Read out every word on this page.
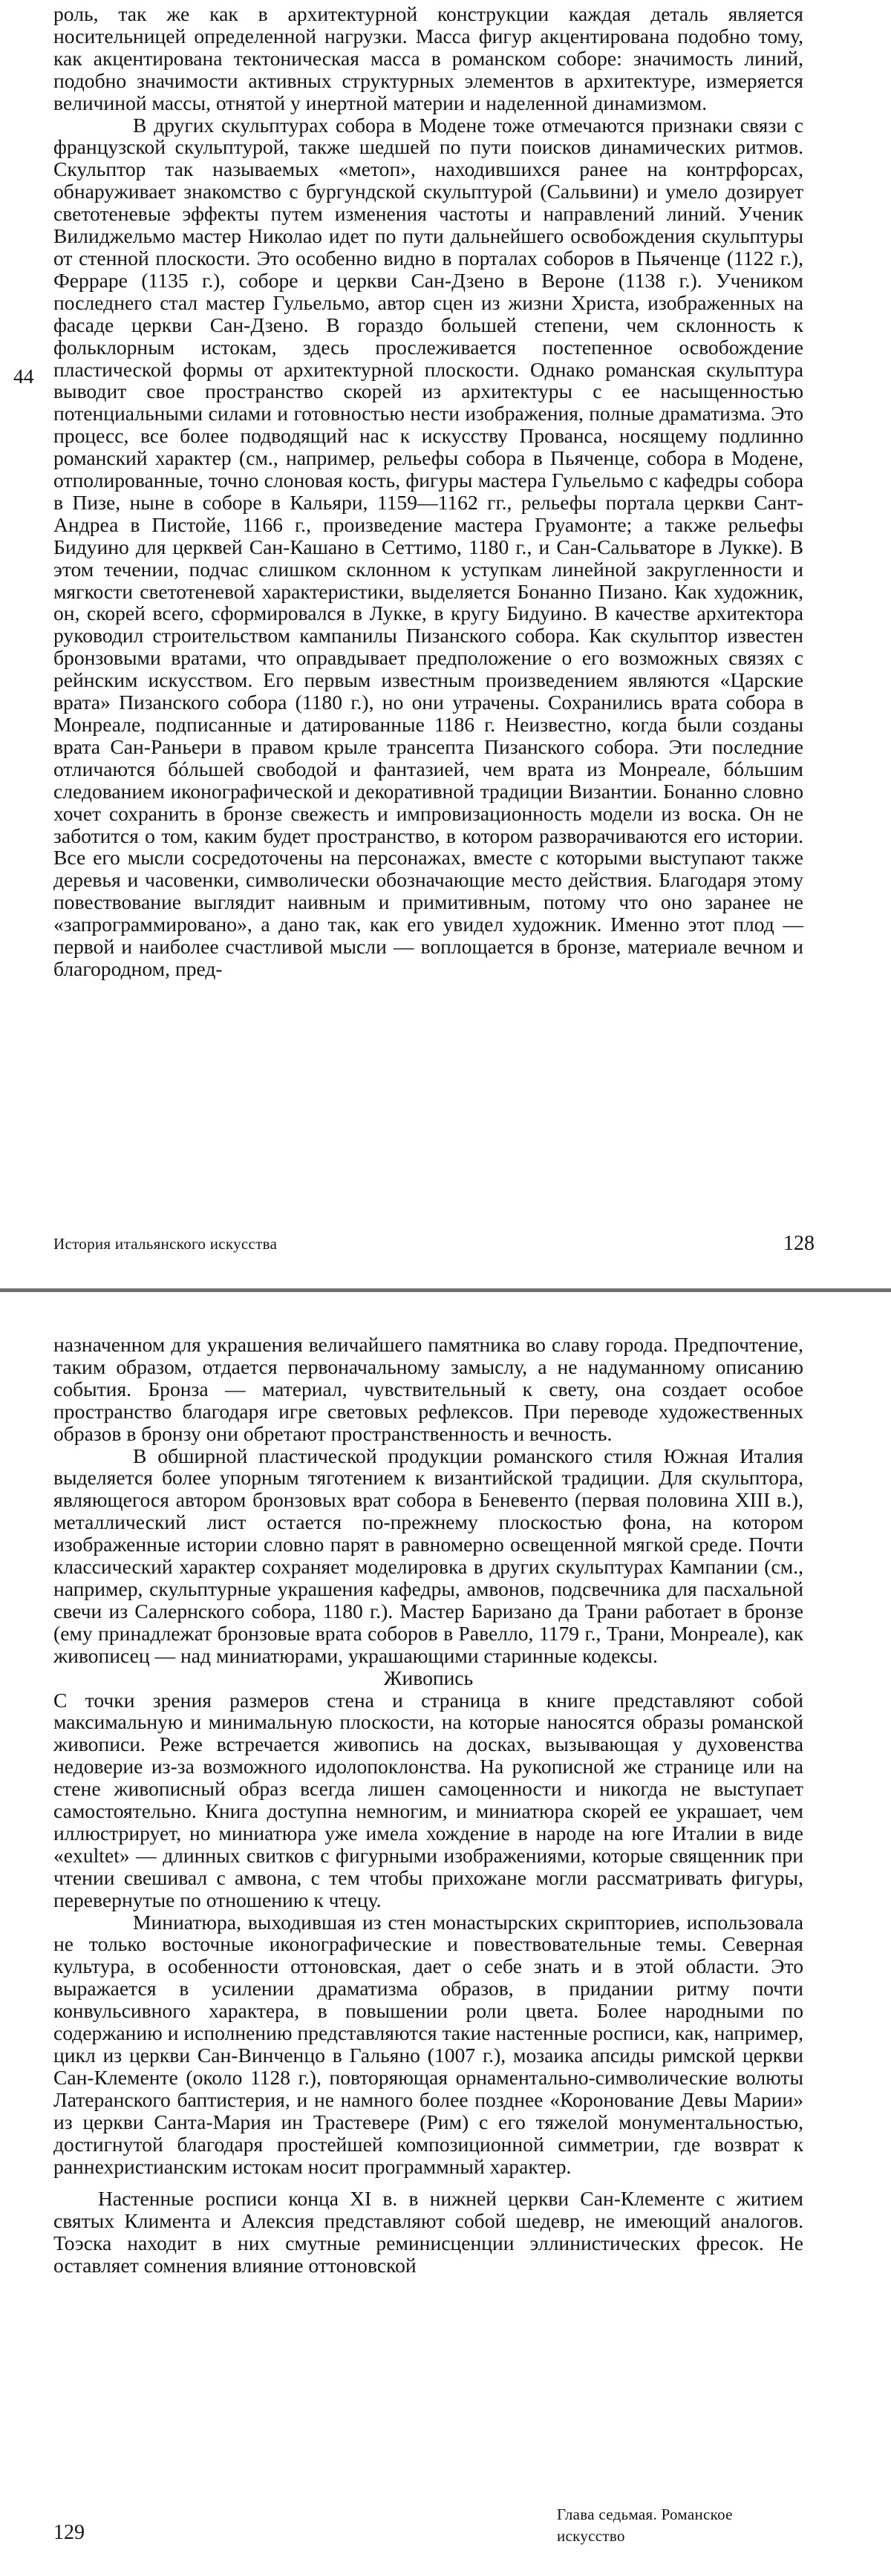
роль, так же как в архитектурной конструкции каждая деталь является носительницей определенной нагрузки. Масса фигур акцентирована подобно тому, как акцентирована тектоническая масса в романском соборе: значимость линий, подобно значимости активных структурных элементов в архитектуре, измеряется величиной массы, отнятой у инертной материи и наделенной динамизмом.

В других скульптурах собора в Модене тоже отмечаются признаки связи с французской скульптурой, также шедшей по пути поисков динамических ритмов. Скульптор так называемых «метоп», находившихся ранее на контрфорсах, обнаруживает знакомство с бургундской скульптурой (Сальвини) и умело дозирует светотеневые эффекты путем изменения частоты и направлений линий. Ученик Вилиджельмо мастер Николао идет по пути дальнейшего освобождения скульптуры от стенной плоскости. Это особенно видно в порталах соборов в Пьяченце (1122 г.), Ферраре (1135 г.), соборе и церкви Сан-Дзено в Вероне (1138 г.). Учеником последнего стал мастер Гульельмо, автор сцен из жизни Христа, изображенных на фасаде церкви Сан-Дзено. В гораздо большей степени, чем склонность к фольклорным истокам, здесь прослеживается постепенное освобождение пластической формы от архитектурной плоскости. Однако романская скульптура выводит свое пространство скорей из архитектуры с ее насыщенностью потенциальными силами и готовностью нести изображения, полные драматизма. Это процесс, все более подводящий нас к искусству Прованса, носящему подлинно романский характер (см., например, рельефы собора в Пьяченце, собора в Модене, отполированные, точно слоновая кость, фигуры мастера Гульельмо с кафедры собора в Пизе, ныне в соборе в Кальяри, 1159—1162 гг., рельефы портала церкви Сант-Андреа в Пистойе, 1166 г., произведение мастера Груамонте; а также рельефы Бидуино для церквей Сан-Кашано в Сеттимо, 1180 г., и Сан-Сальваторе в Лукке). В этом течении, подчас слишком склонном к уступкам линейной закругленности и мягкости светотеневой характеристики, выделяется Бонанно Пизано. Как художник, он, скорей всего, сформировался в Лукке, в кругу Бидуино. В качестве архитектора руководил строительством кампанилы Пизанского собора. Как скульптор известен бронзовыми вратами, что оправдывает предположение о его возможных связях с рейнским искусством. Его первым известным произведением являются «Царские врата» Пизанского собора (1180 г.), но они утрачены. Сохранились врата собора в Монреале, подписанные и датированные 1186 г. Неизвестно, когда были созданы врата Сан-Раньери в правом крыле трансепта Пизанского собора. Эти последние отличаются бóльшей свободой и фантазией, чем врата из Монреале, бóльшим следованием иконографической и декоративной традиции Византии. Бонанно словно хочет сохранить в бронзе свежесть и импровизационность модели из воска. Он не заботится о том, каким будет пространство, в котором разворачиваются его истории. Все его мысли сосредоточены на персонажах, вместе с которыми выступают также деревья и часовенки, символически обозначающие место действия. Благодаря этому повествование выглядит наивным и примитивным, потому что оно заранее не «запрограммировано», а дано так, как его увидел художник. Именно этот плод — первой и наиболее счастливой мысли — воплощается в бронзе, материале вечном и благородном, пред-

44
История итальянского искусства	128

назначенном для украшения величайшего памятника во славу города. Предпочтение, таким образом, отдается первоначальному замыслу, а не надуманному описанию события. Бронза — материал, чувствительный к свету, она создает особое пространство благодаря игре световых рефлексов. При переводе художественных образов в бронзу они обретают пространственность и вечность.

В обширной пластической продукции романского стиля Южная Италия выделяется более упорным тяготением к византийской традиции. Для скульптора, являющегося автором бронзовых врат собора в Беневенто (первая половина XIII в.), металлический лист остается по-прежнему плоскостью фона, на котором изображенные истории словно парят в равномерно освещенной мягкой среде. Почти классический характер сохраняет моделировка в других скульптурах Кампании (см., например, скульптурные украшения кафедры, амвонов, подсвечника для пасхальной свечи из Салернского собора, 1180 г.). Мастер Баризано да Трани работает в бронзе (ему принадлежат бронзовые врата соборов в Равелло, 1179 г., Трани, Монреале), как живописец — над миниатюрами, украшающими старинные кодексы.

Живопись

С точки зрения размеров стена и страница в книге представляют собой максимальную и минимальную плоскости, на которые наносятся образы романской живописи. Реже встречается живопись на досках, вызывающая у духовенства недоверие из-за возможного идолопоклонства. На рукописной же странице или на стене живописный образ всегда лишен самоценности и никогда не выступает самостоятельно. Книга доступна немногим, и миниатюра скорей ее украшает, чем иллюстрирует, но миниатюра уже имела хождение в народе на юге Италии в виде «exultet» — длинных свитков с фигурными изображениями, которые священник при чтении свешивал с амвона, с тем чтобы прихожане могли рассматривать фигуры, перевернутые по отношению к чтецу.

Миниатюра, выходившая из стен монастырских скрипториев, использовала не только восточные иконографические и повествовательные темы. Северная культура, в особенности оттоновская, дает о себе знать и в этой области. Это выражается в усилении драматизма образов, в придании ритму почти конвульсивного характера, в повышении роли цвета. Более народными по содержанию и исполнению представляются такие настенные росписи, как, например, цикл из церкви Сан-Винченцо в Гальяно (1007 г.), мозаика апсиды римской церкви Сан-Клементе (около 1128 г.), повторяющая орнаментально-символические волюты Латеранского баптистерия, и не намного более позднее «Коронование Девы Марии» из церкви Санта-Мария ин Трастевере (Рим) с его тяжелой монументальностью, достигнутой благодаря простейшей композиционной симметрии, где возврат к раннехристианским истокам носит программный характер.

Настенные росписи конца XI в. в нижней церкви Сан-Клементе с житием святых Климента и Алексия представляют собой шедевр, не имеющий аналогов. Тоэска находит в них смутные реминисценции эллинистических фресок. Не оставляет сомнения влияние оттоновской

129
Глава седьмая. Романское искусство
